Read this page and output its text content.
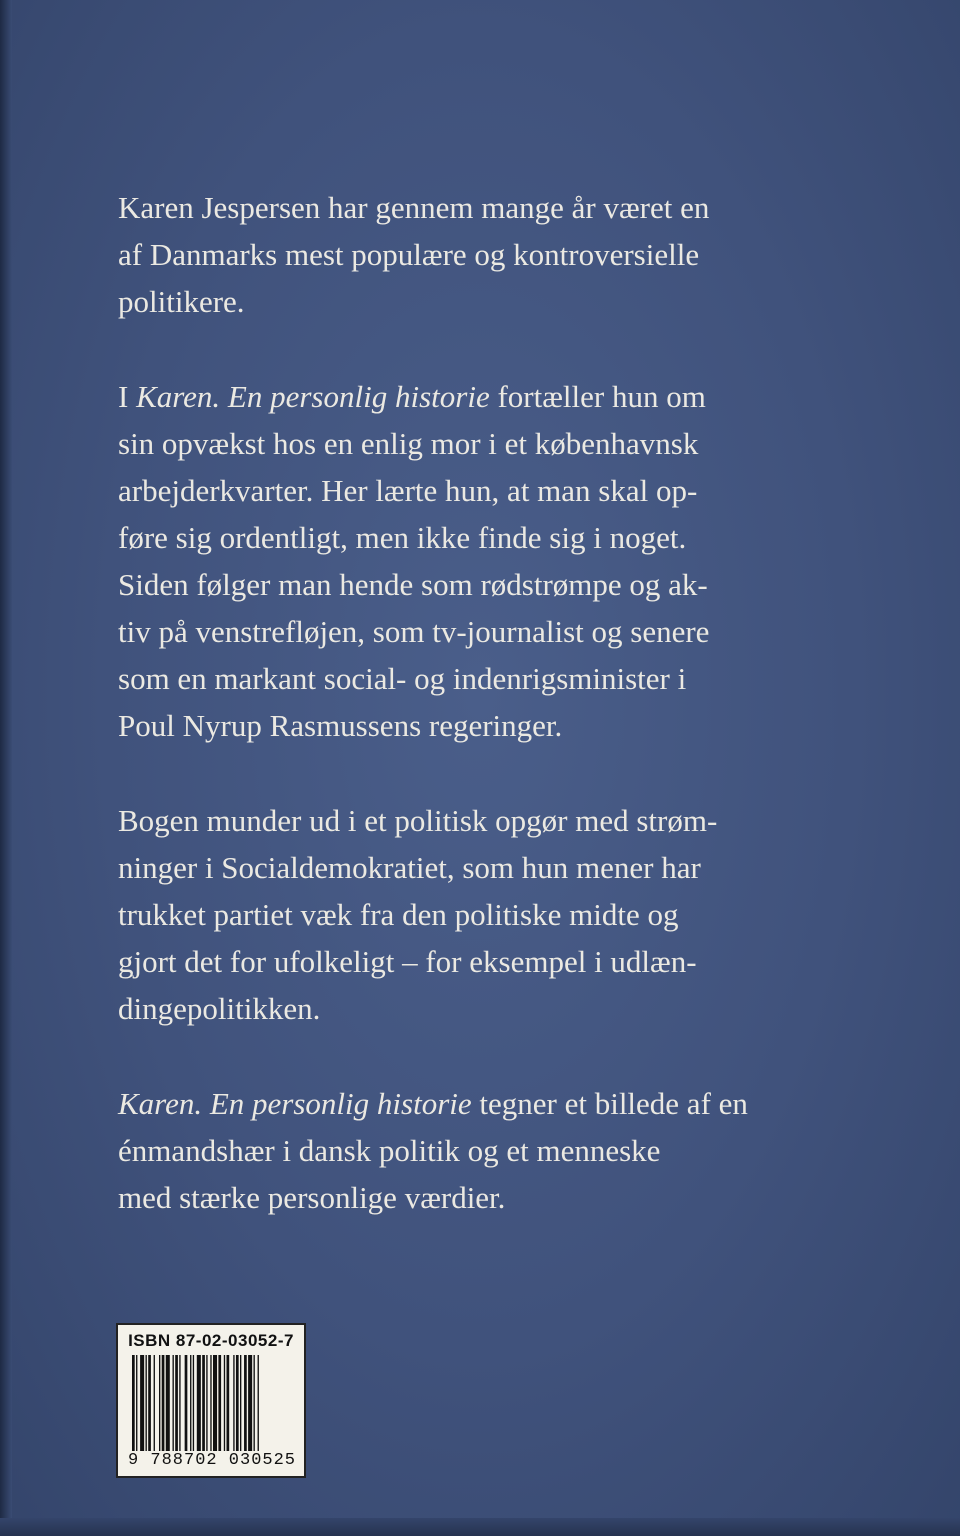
Karen Jespersen har gennem mange år været en

af Danmarks mest populære og kontroversielle

politikere.

I Karen. En personlig historie fortæller hun om

sin opvækst hos en enlig mor i et københavnsk

arbejderkvarter. Her lærte hun, at man skal op-

føre sig ordentligt, men ikke finde sig i noget.

Siden følger man hende som rødstrømpe og ak-

tiv på venstrefløjen, som tv-journalist og senere

som en markant social- og indenrigsminister i

Poul Nyrup Rasmussens regeringer.

Bogen munder ud i et politisk opgør med strøm-

ninger i Socialdemokratiet, som hun mener har

trukket partiet væk fra den politiske midte og

gjort det for ufolkeligt – for eksempel i udlæn-

dingepolitikken.

Karen. En personlig historie tegner et billede af en

énmandshær i dansk politik og et menneske

med stærke personlige værdier.

ISBN 87-02-03052-7
9 788702 030525
